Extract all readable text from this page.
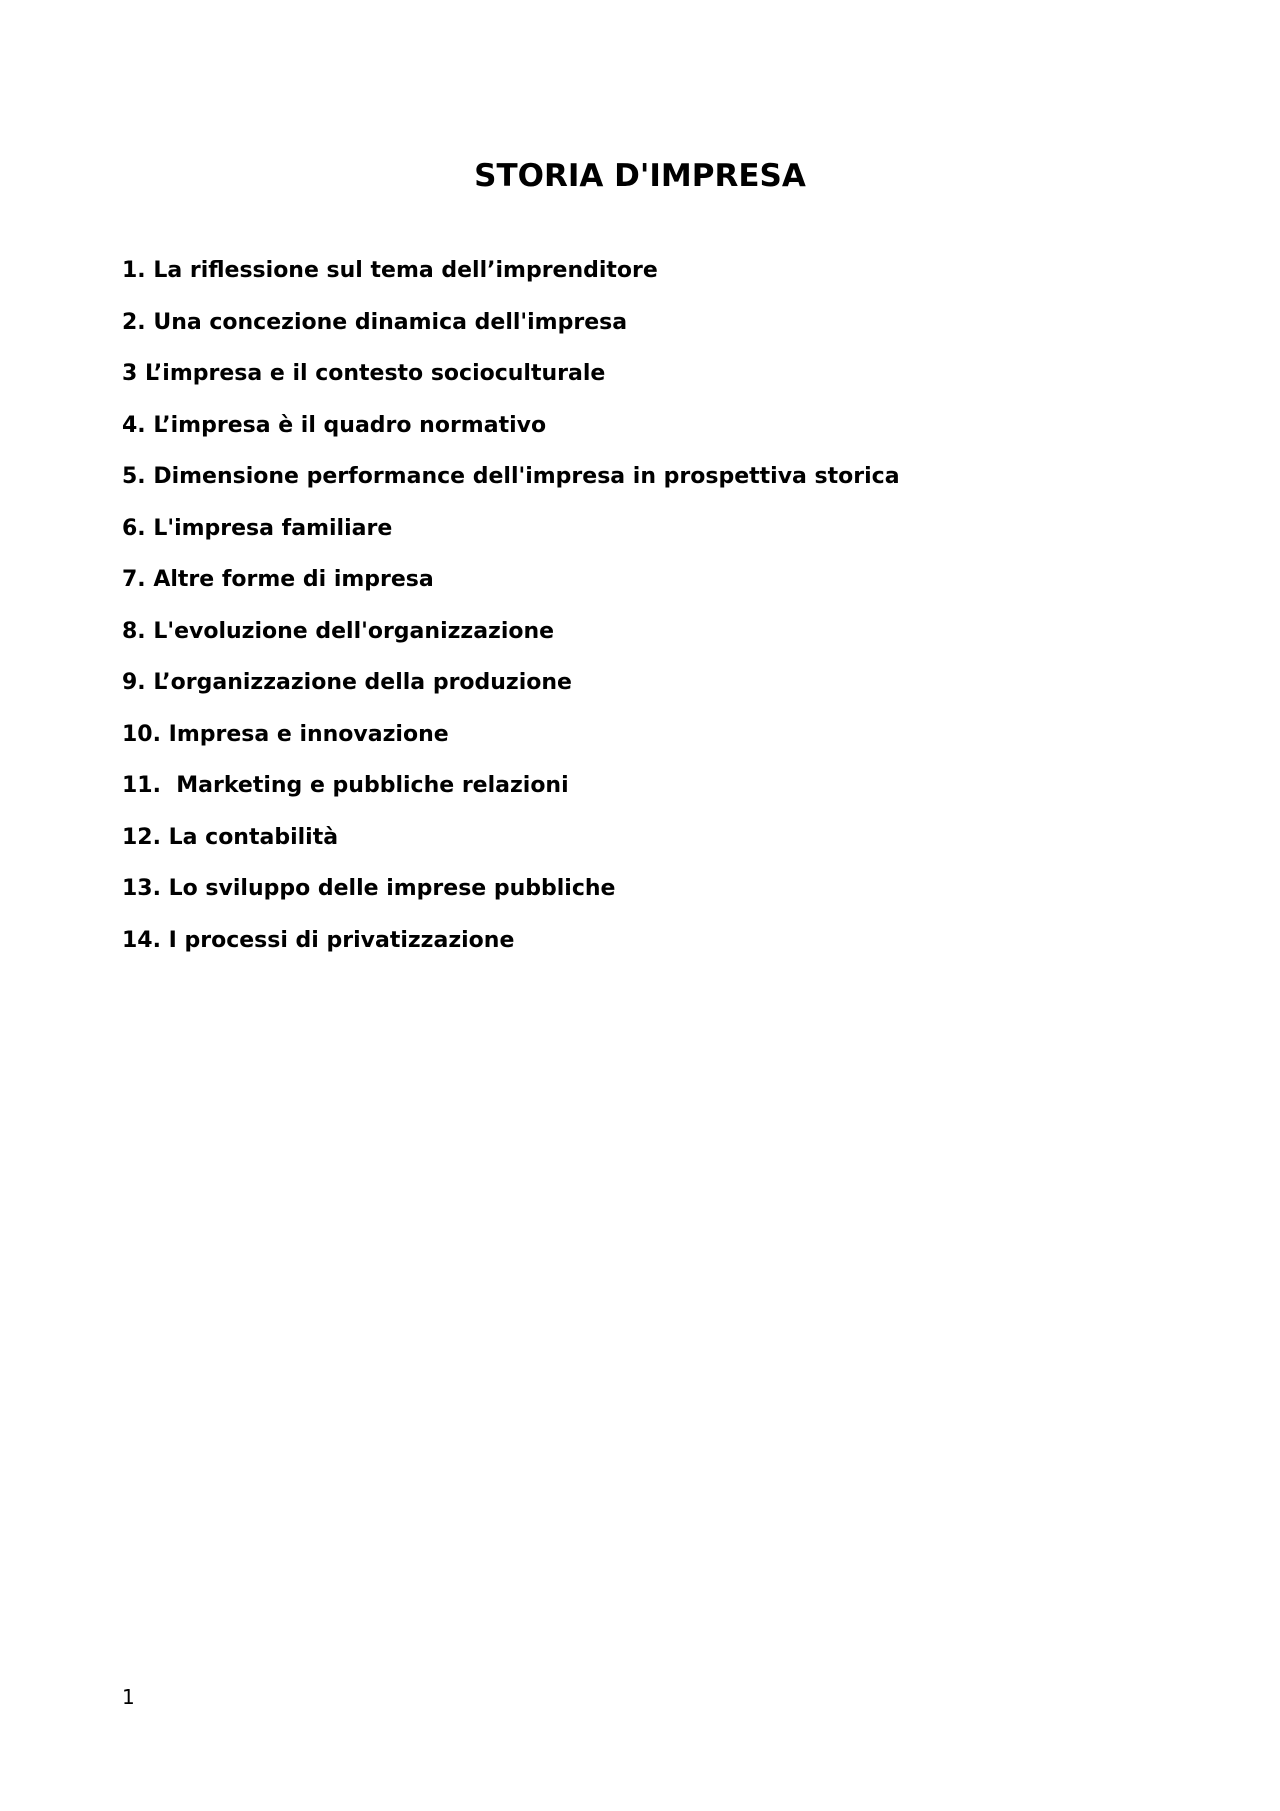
STORIA D'IMPRESA
1. La riflessione sul tema dell’imprenditore
2. Una concezione dinamica dell'impresa
3 L’impresa e il contesto socioculturale
4. L’impresa è il quadro normativo
5. Dimensione performance dell'impresa in prospettiva storica
6. L'impresa familiare
7. Altre forme di impresa
8. L'evoluzione dell'organizzazione
9. L’organizzazione della produzione
10. Impresa e innovazione
11.  Marketing e pubbliche relazioni
12. La contabilità
13. Lo sviluppo delle imprese pubbliche
14. I processi di privatizzazione

1
